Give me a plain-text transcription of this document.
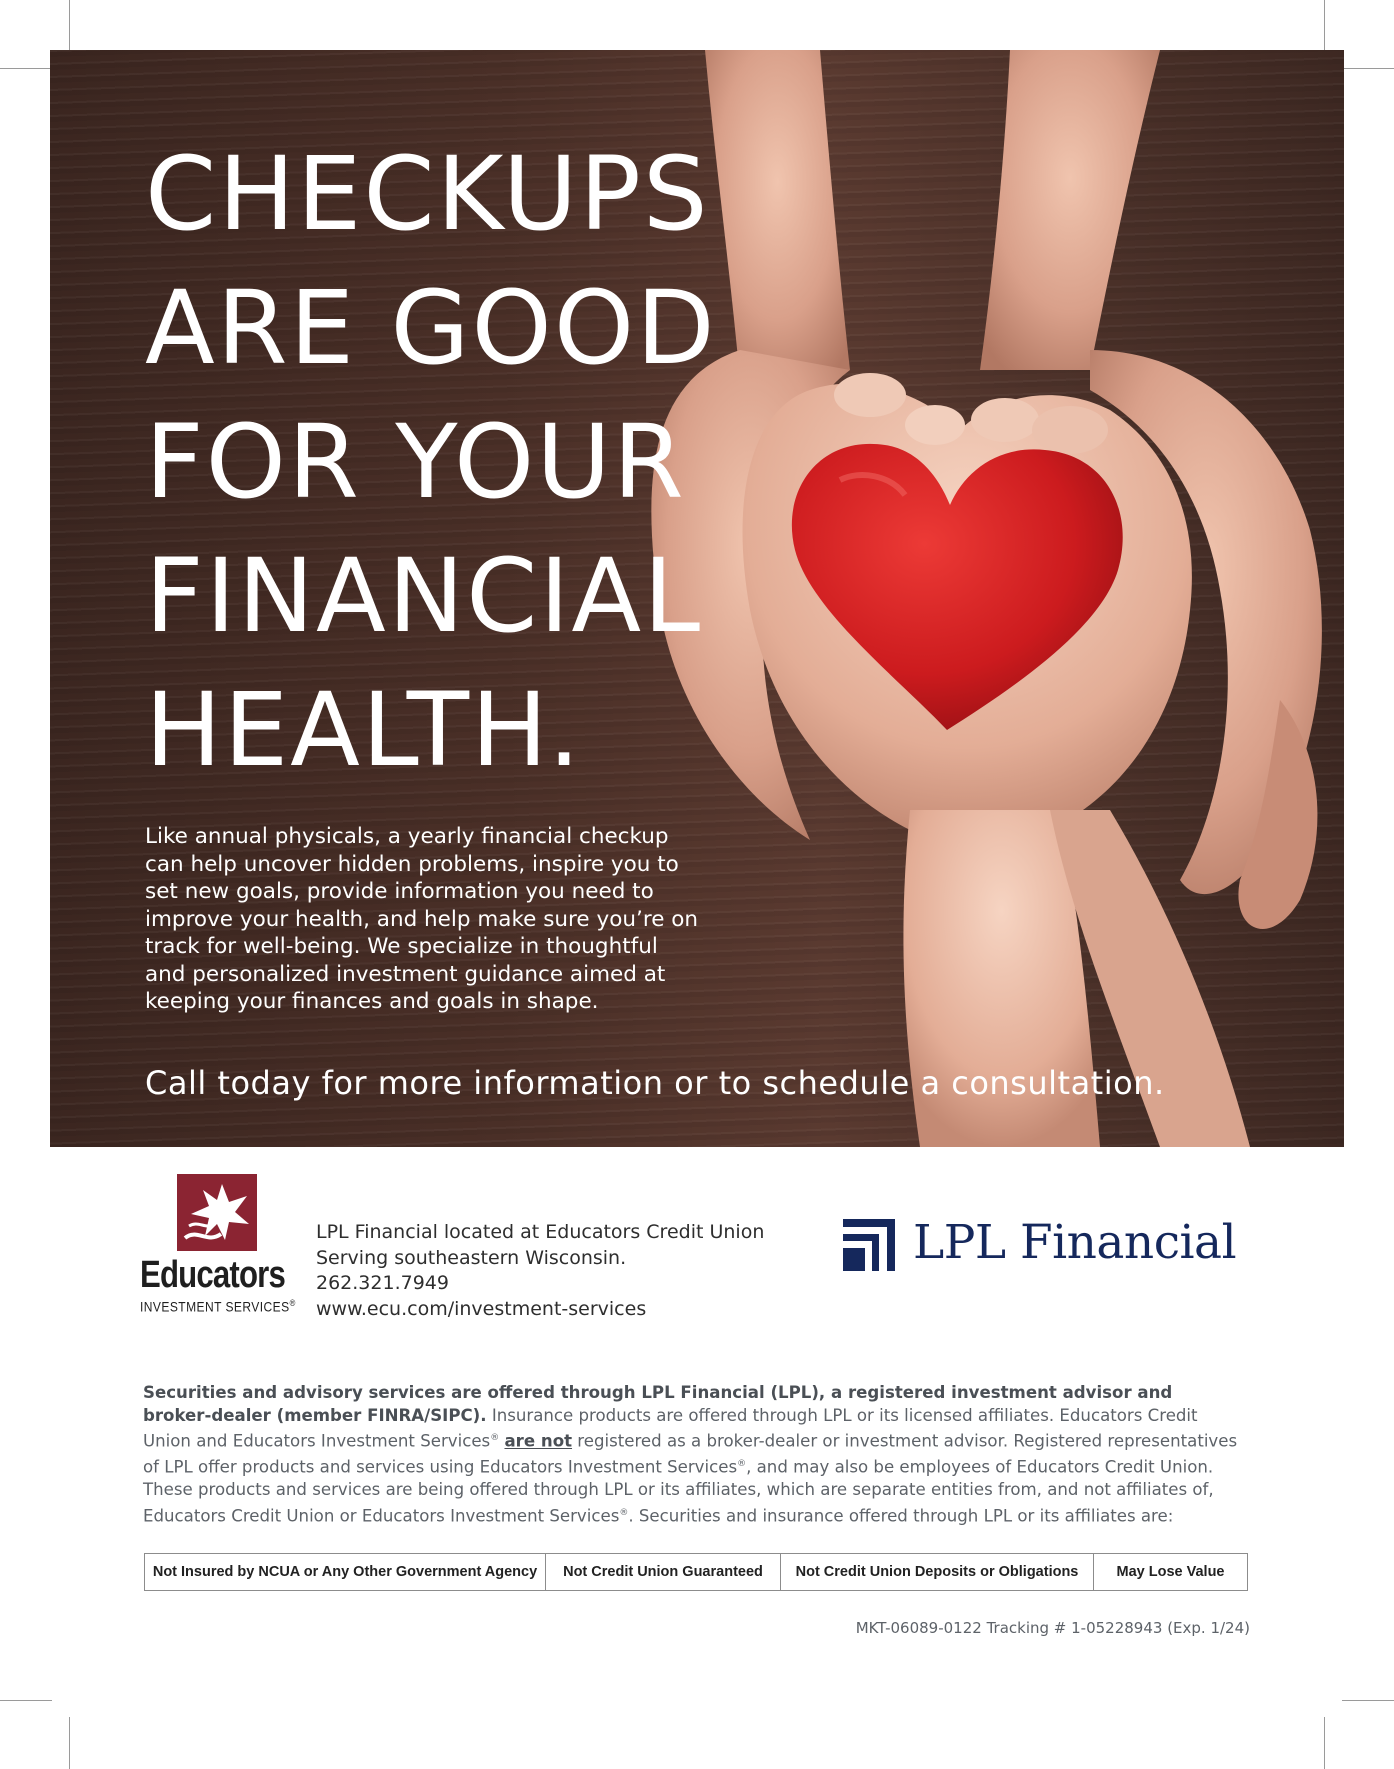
CHECKUPS
ARE GOOD
FOR YOUR
FINANCIAL
HEALTH.

Like annual physicals, a yearly financial checkup
can help uncover hidden problems, inspire you to
set new goals, provide information you need to
improve your health, and help make sure you’re on
track for well-being. We specialize in thoughtful
and personalized investment guidance aimed at
keeping your finances and goals in shape.

Call today for more information or to schedule a consultation.

Educators
INVESTMENT SERVICES®
LPL Financial located at Educators Credit Union
Serving southeastern Wisconsin.
262.321.7949
www.ecu.com/investment-services
LPL Financial

Securities and advisory services are offered through LPL Financial (LPL), a registered investment advisor and broker-dealer (member FINRA/SIPC). Insurance products are offered through LPL or its licensed affiliates. Educators Credit Union and Educators Investment Services® are not registered as a broker-dealer or investment advisor. Registered representatives of LPL offer products and services using Educators Investment Services®, and may also be employees of Educators Credit Union. These products and services are being offered through LPL or its affiliates, which are separate entities from, and not affiliates of, Educators Credit Union or Educators Investment Services®. Securities and insurance offered through LPL or its affiliates are:

Not Insured by NCUA or Any Other Government Agency	Not Credit Union Guaranteed	Not Credit Union Deposits or Obligations	May Lose Value
MKT-06089-0122 Tracking # 1-05228943 (Exp. 1/24)
